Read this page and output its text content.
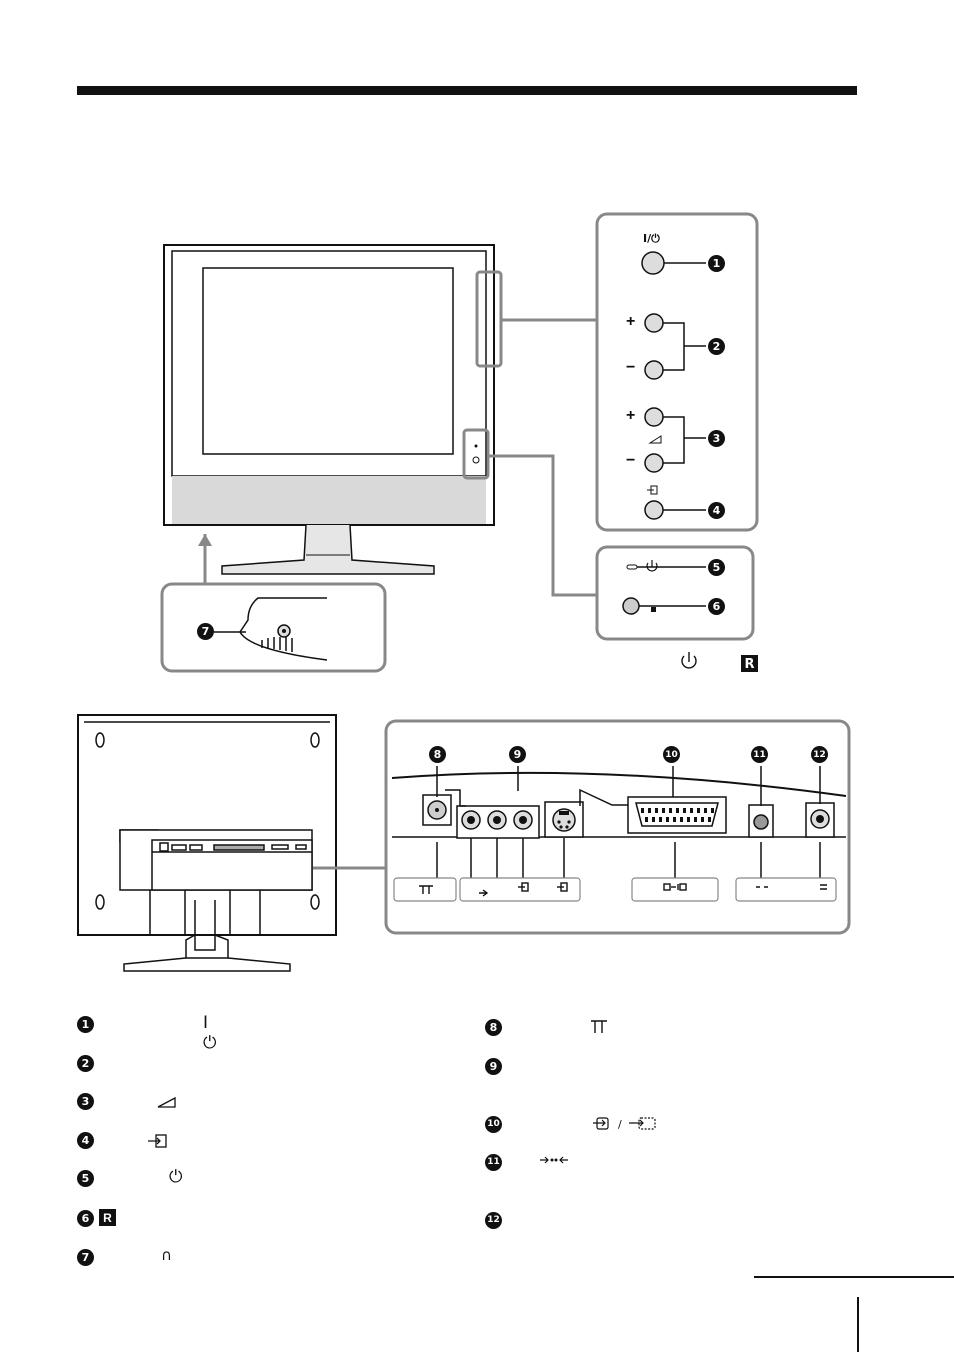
R
1
2
3
4
5
6
7
8	9	10	11	12
I/⏻
+
−
+
−
1	I ⏻
2
3
4
5	⏻
6	R
7	∩
8
9
10	/
11
12
